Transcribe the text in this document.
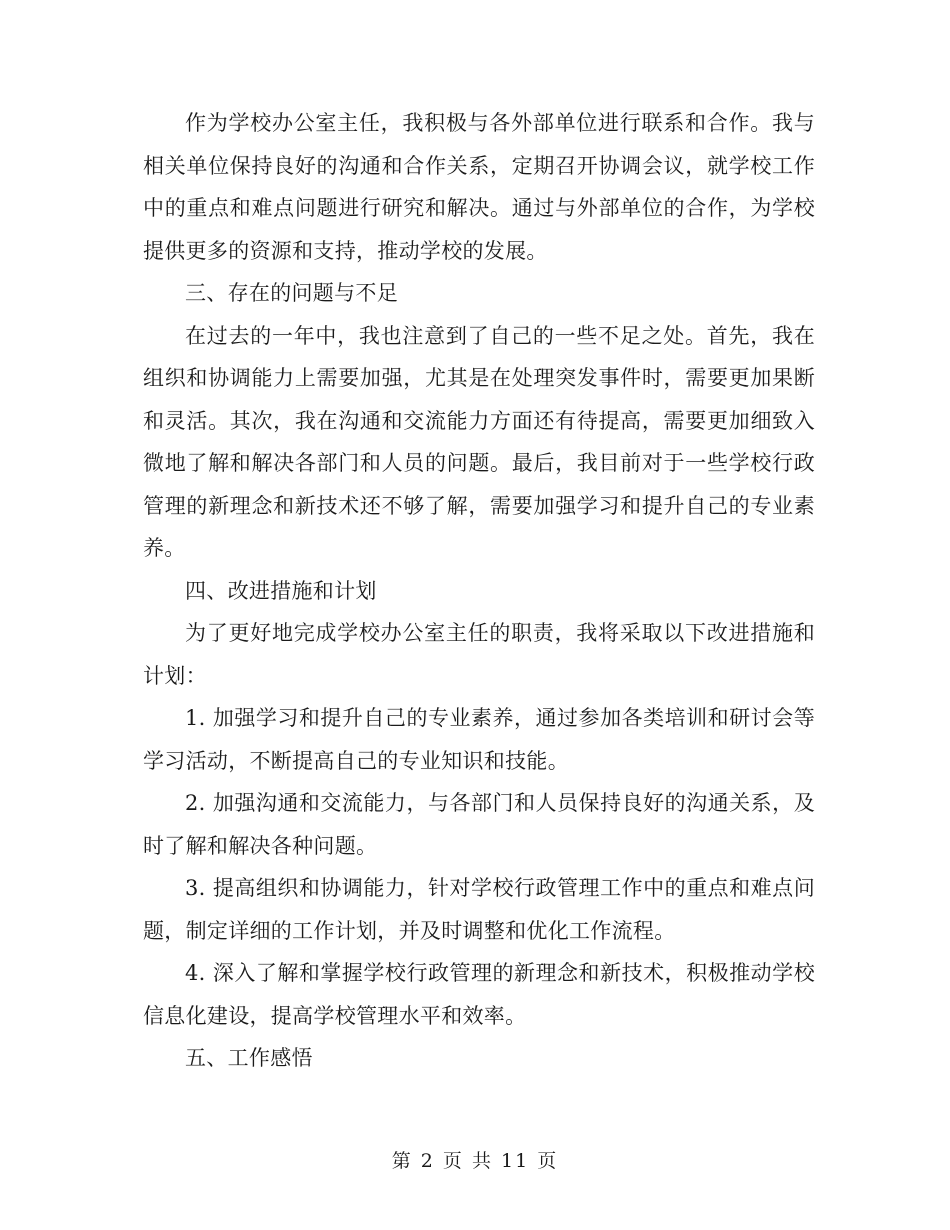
作为学校办公室主任，我积极与各外部单位进行联系和合作。我与相关单位保持良好的沟通和合作关系，定期召开协调会议，就学校工作中的重点和难点问题进行研究和解决。通过与外部单位的合作，为学校提供更多的资源和支持，推动学校的发展。

三、存在的问题与不足

在过去的一年中，我也注意到了自己的一些不足之处。首先，我在组织和协调能力上需要加强，尤其是在处理突发事件时，需要更加果断和灵活。其次，我在沟通和交流能力方面还有待提高，需要更加细致入微地了解和解决各部门和人员的问题。最后，我目前对于一些学校行政管理的新理念和新技术还不够了解，需要加强学习和提升自己的专业素养。

四、改进措施和计划

为了更好地完成学校办公室主任的职责，我将采取以下改进措施和计划：

1. 加强学习和提升自己的专业素养，通过参加各类培训和研讨会等学习活动，不断提高自己的专业知识和技能。

2. 加强沟通和交流能力，与各部门和人员保持良好的沟通关系，及时了解和解决各种问题。

3. 提高组织和协调能力，针对学校行政管理工作中的重点和难点问题，制定详细的工作计划，并及时调整和优化工作流程。

4. 深入了解和掌握学校行政管理的新理念和新技术，积极推动学校信息化建设，提高学校管理水平和效率。

五、工作感悟

第 2 页 共 11 页
